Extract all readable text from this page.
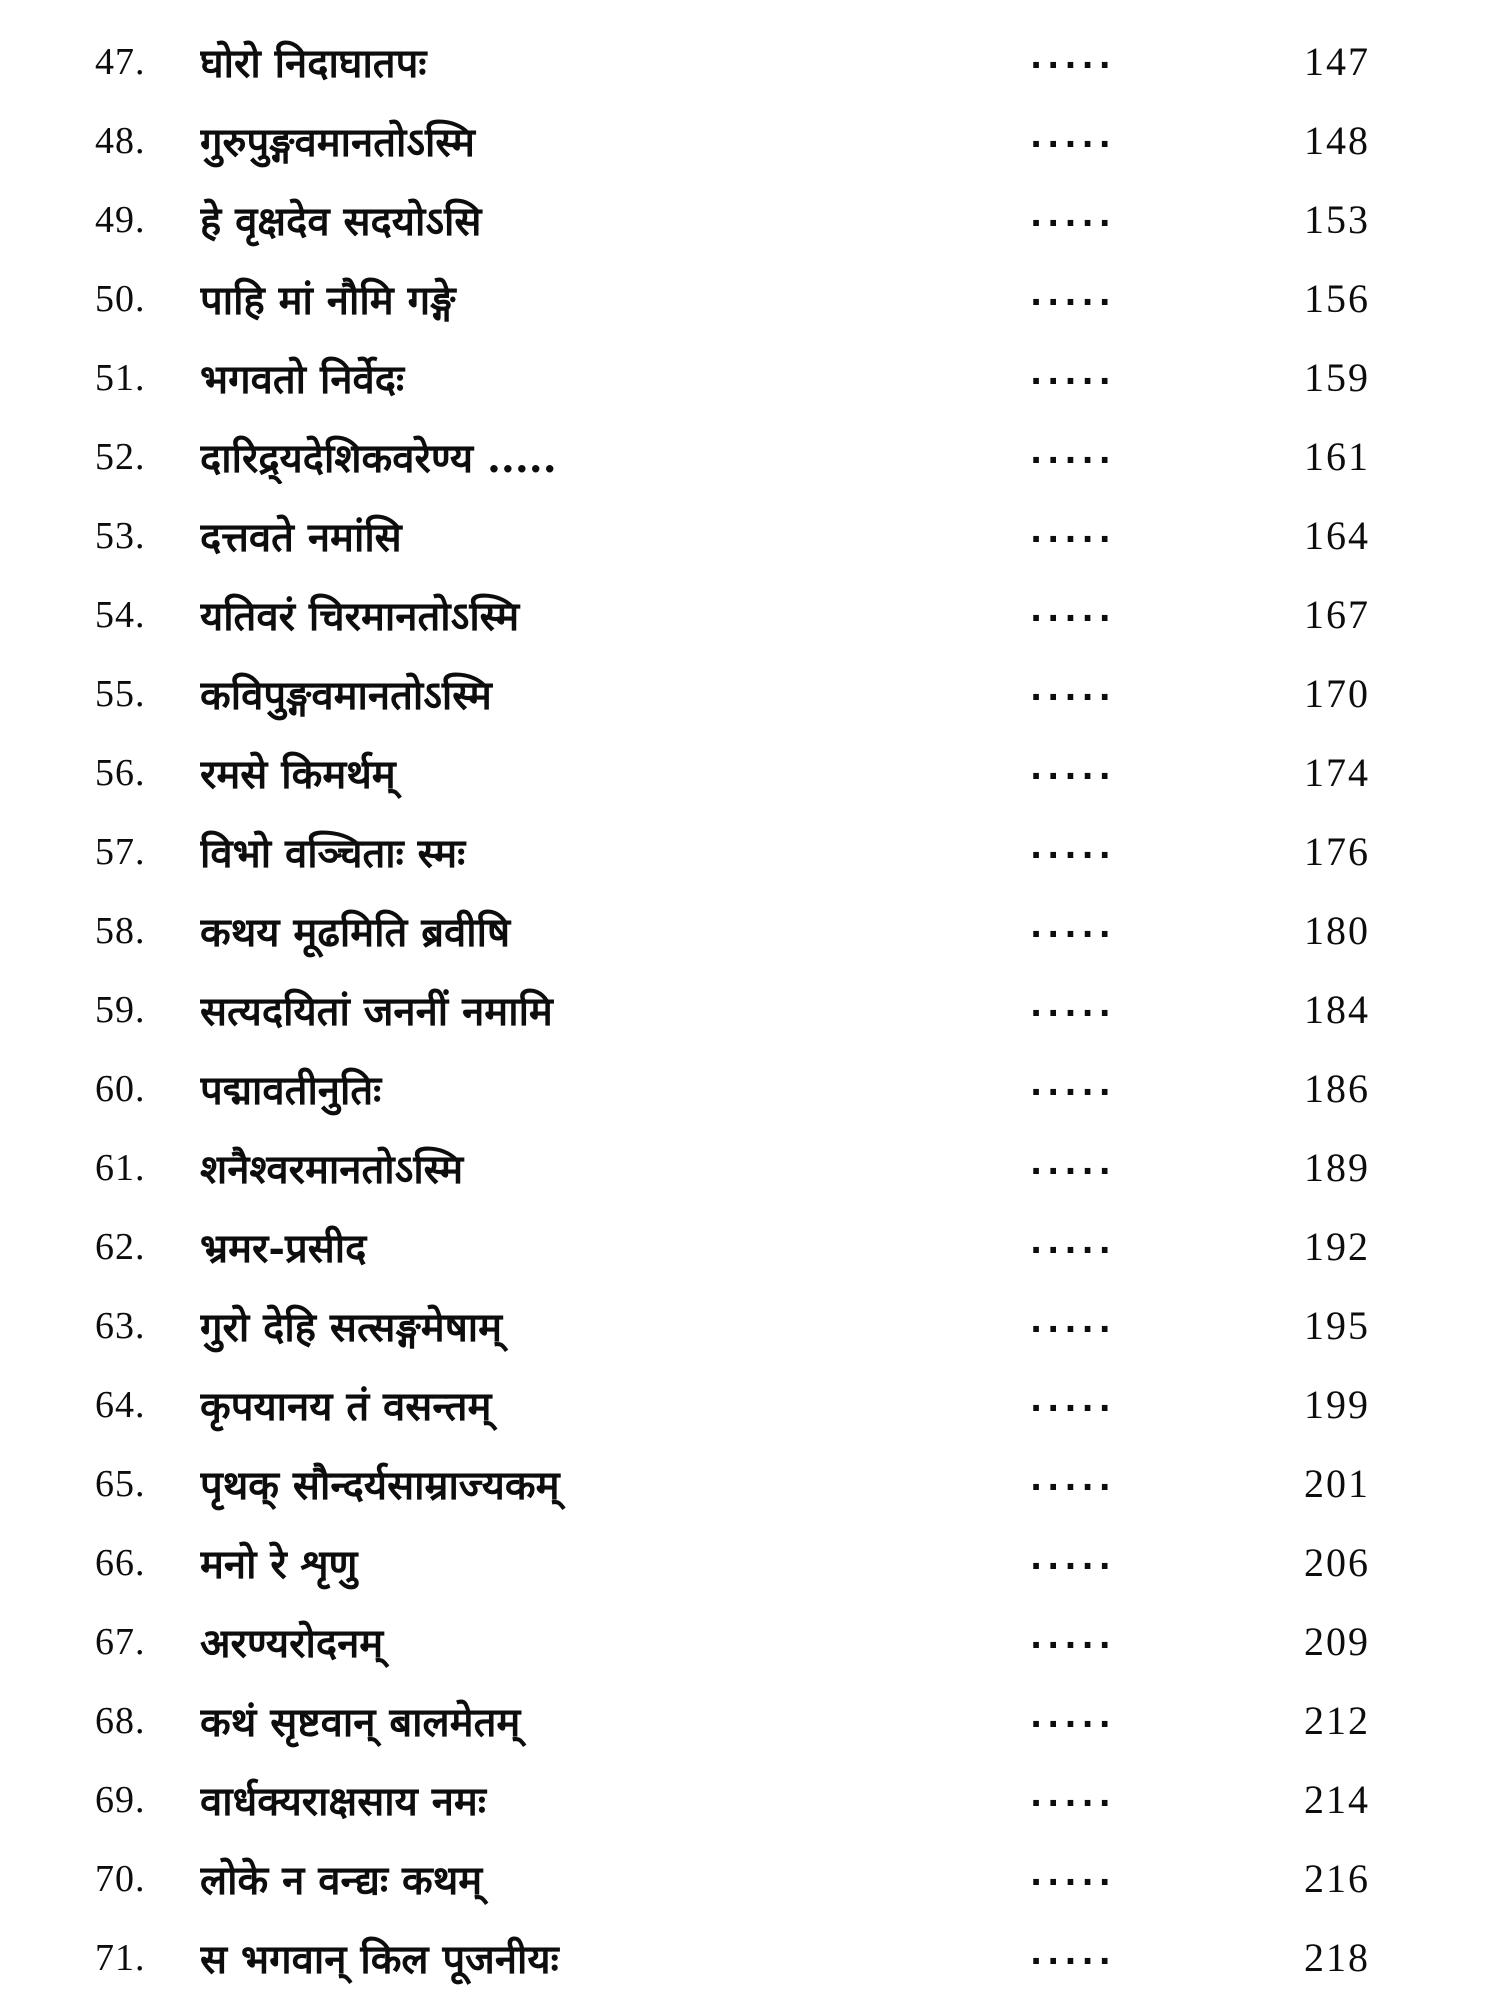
47.	घोरो निदाघातपः	.....	147
48.	गुरुपुङ्गवमानतोऽस्मि	.....	148
49.	हे वृक्षदेव सदयोऽसि	.....	153
50.	पाहि मां नौमि गङ्गे	.....	156
51.	भगवतो निर्वेदः	.....	159
52.	दारिद्र्यदेशिकवरेण्य .....	.....	161
53.	दत्तवते नमांसि	.....	164
54.	यतिवरं चिरमानतोऽस्मि	.....	167
55.	कविपुङ्गवमानतोऽस्मि	.....	170
56.	रमसे किमर्थम्	.....	174
57.	विभो वञ्चिताः स्मः	.....	176
58.	कथय मूढमिति ब्रवीषि	.....	180
59.	सत्यदयितां जननीं नमामि	.....	184
60.	पद्मावतीनुतिः	.....	186
61.	शनैश्वरमानतोऽस्मि	.....	189
62.	भ्रमर-प्रसीद	.....	192
63.	गुरो देहि सत्सङ्गमेषाम्	.....	195
64.	कृपयानय तं वसन्तम्	.....	199
65.	पृथक् सौन्दर्यसाम्राज्यकम्	.....	201
66.	मनो रे शृणु	.....	206
67.	अरण्यरोदनम्	.....	209
68.	कथं सृष्टवान् बालमेतम्	.....	212
69.	वार्धक्यराक्षसाय नमः	.....	214
70.	लोके न वन्द्यः कथम्	.....	216
71.	स भगवान् किल पूजनीयः	.....	218
